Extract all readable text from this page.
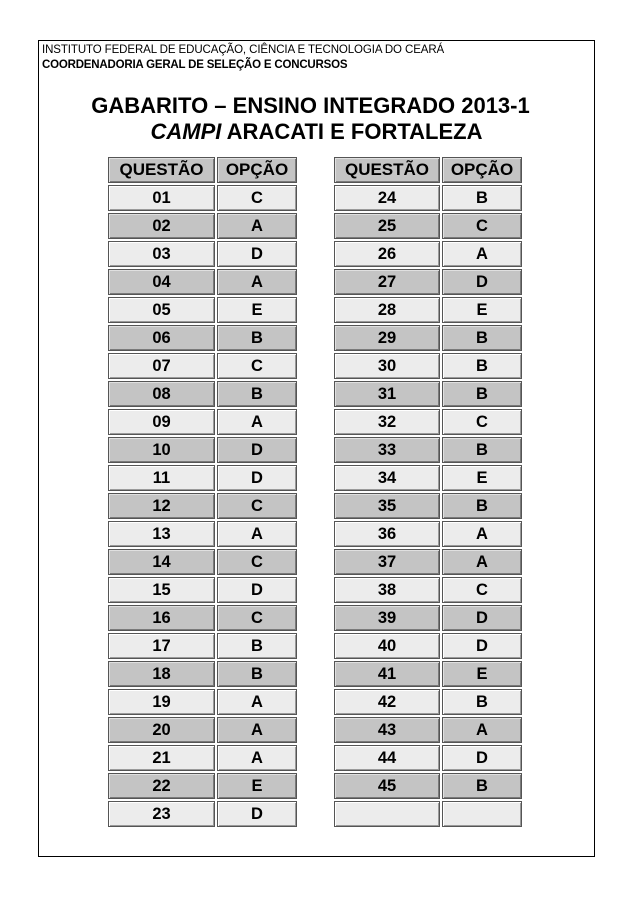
INSTITUTO FEDERAL DE EDUCAÇÃO, CIÊNCIA E TECNOLOGIA DO CEARÁ
COORDENADORIA GERAL DE SELEÇÃO E CONCURSOS
GABARITO – ENSINO INTEGRADO 2013-1
CAMPI ARACATI E FORTALEZA
QUESTÃO	OPÇÃO
01	C
02	A
03	D
04	A
05	E
06	B
07	C
08	B
09	A
10	D
11	D
12	C
13	A
14	C
15	D
16	C
17	B
18	B
19	A
20	A
21	A
22	E
23	D
QUESTÃO	OPÇÃO
24	B
25	C
26	A
27	D
28	E
29	B
30	B
31	B
32	C
33	B
34	E
35	B
36	A
37	A
38	C
39	D
40	D
41	E
42	B
43	A
44	D
45	B
